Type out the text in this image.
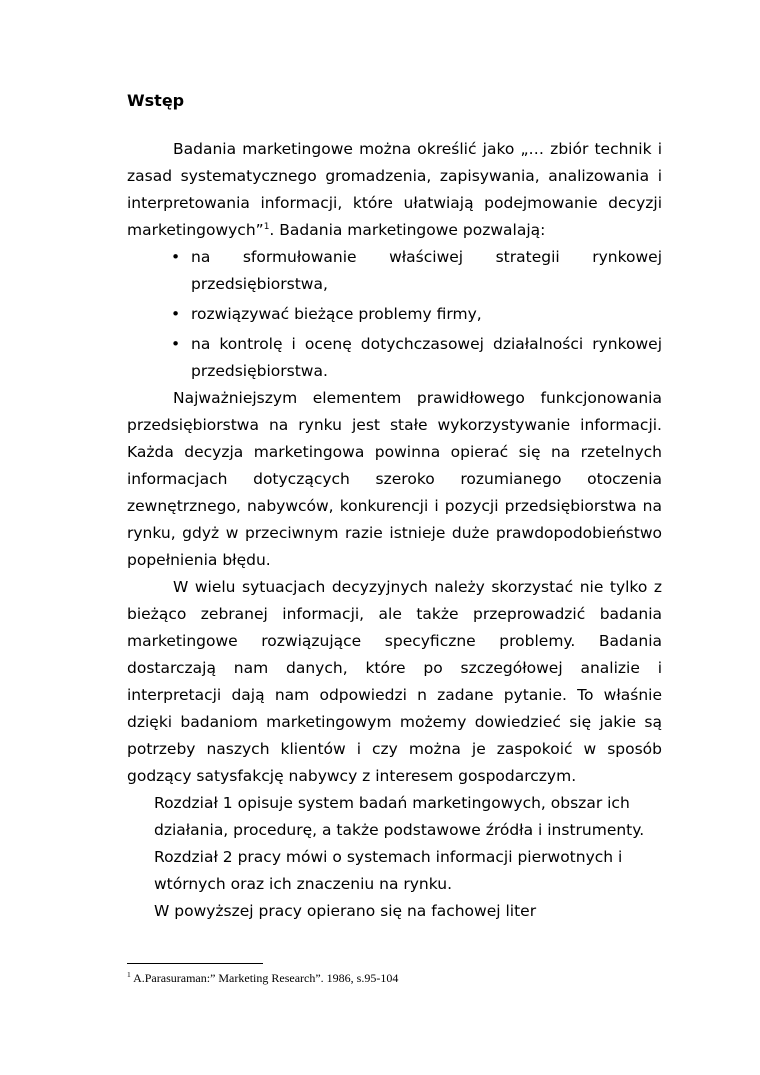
Wstęp

Badania marketingowe można określić jako „… zbiór technik i zasad systematycznego gromadzenia, zapisywania, analizowania i interpretowania informacji, które ułatwiają podejmowanie decyzji marketingowych”$^1$. Badania marketingowe pozwalają:

• na sformułowanie właściwej strategii rynkowej przedsiębiorstwa,
• rozwiązywać bieżące problemy firmy,
• na kontrolę i ocenę dotychczasowej działalności rynkowej przedsiębiorstwa.

Najważniejszym elementem prawidłowego funkcjonowania przedsiębiorstwa na rynku jest stałe wykorzystywanie informacji. Każda decyzja marketingowa powinna opierać się na rzetelnych informacjach dotyczących szeroko rozumianego otoczenia zewnętrznego, nabywców, konkurencji i pozycji przedsiębiorstwa na rynku, gdyż w przeciwnym razie istnieje duże prawdopodobieństwo popełnienia błędu.

W wielu sytuacjach decyzyjnych należy skorzystać nie tylko z bieżąco zebranej informacji, ale także przeprowadzić badania marketingowe rozwiązujące specyficzne problemy. Badania dostarczają nam danych, które po szczegółowej analizie i interpretacji dają nam odpowiedzi n zadane pytanie. To właśnie dzięki badaniom marketingowym możemy dowiedzieć się jakie są potrzeby naszych klientów i czy można je zaspokoić w sposób godzący satysfakcję nabywcy z interesem gospodarczym.

Rozdział 1 opisuje system badań marketingowych, obszar ich
działania, procedurę, a także podstawowe źródła i instrumenty.

Rozdział 2 pracy mówi o systemach informacji pierwotnych i
wtórnych oraz ich znaczeniu na rynku.

W powyższej pracy opierano się na fachowej liter

$^1$ A.Parasuraman:” Marketing Research”. 1986, s.95-104
